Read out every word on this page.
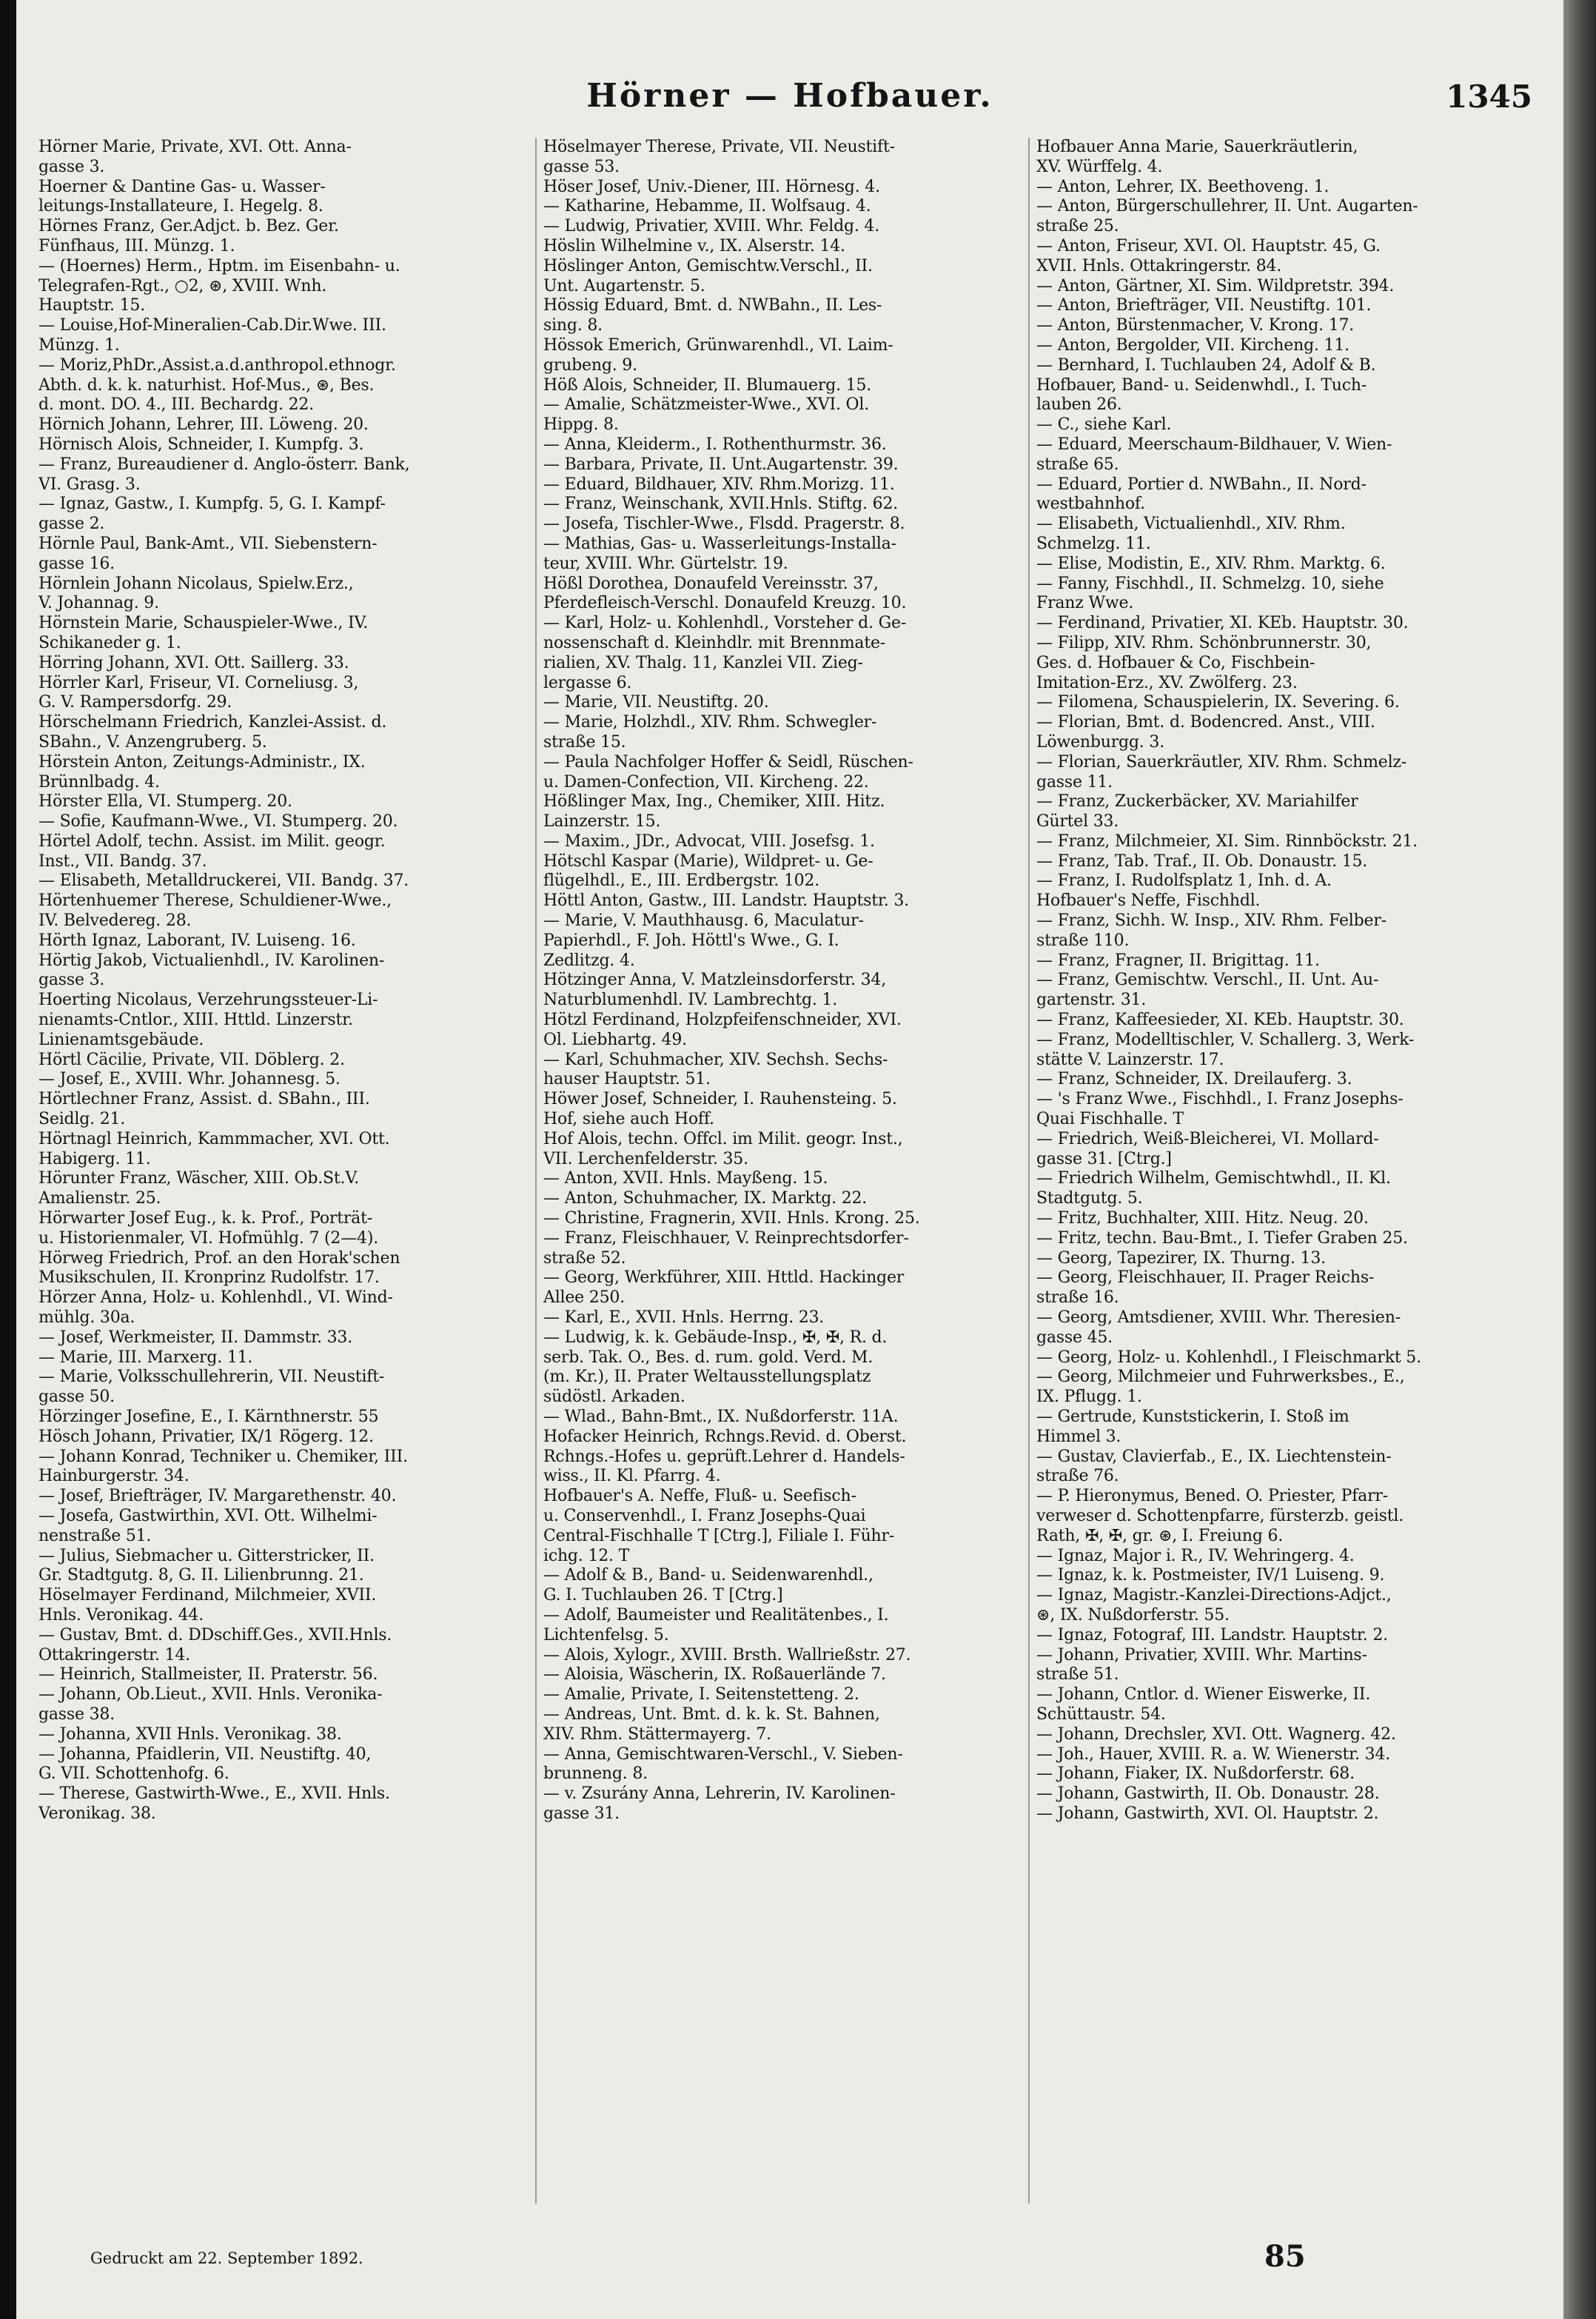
Hörner — Hofbauer.	1345
Hörner Marie, Private, XVI. Ott. Anna-
gasse 3.
Hoerner & Dantine Gas- u. Wasser-
leitungs-Installateure, I. Hegelg. 8.
Hörnes Franz, Ger.Adjct. b. Bez. Ger.
Fünfhaus, III. Münzg. 1.
— (Hoernes) Herm., Hptm. im Eisenbahn- u.
Telegrafen-Rgt., ○2, ⊛, XVIII. Wnh.
Hauptstr. 15.
— Louise,Hof-Mineralien-Cab.Dir.Wwe. III.
Münzg. 1.
— Moriz,PhDr.,Assist.a.d.anthropol.ethnogr.
Abth. d. k. k. naturhist. Hof-Mus., ⊛, Bes.
d. mont. DO. 4., III. Bechardg. 22.
Hörnich Johann, Lehrer, III. Löweng. 20.
Hörnisch Alois, Schneider, I. Kumpfg. 3.
— Franz, Bureaudiener d. Anglo-österr. Bank,
VI. Grasg. 3.
— Ignaz, Gastw., I. Kumpfg. 5, G. I. Kampf-
gasse 2.
Hörnle Paul, Bank-Amt., VII. Siebenstern-
gasse 16.
Hörnlein Johann Nicolaus, Spielw.Erz.,
V. Johannag. 9.
Hörnstein Marie, Schauspieler-Wwe., IV.
Schikaneder g. 1.
Hörring Johann, XVI. Ott. Saillerg. 33.
Hörrler Karl, Friseur, VI. Corneliusg. 3,
G. V. Rampersdorfg. 29.
Hörschelmann Friedrich, Kanzlei-Assist. d.
SBahn., V. Anzengruberg. 5.
Hörstein Anton, Zeitungs-Administr., IX.
Brünnlbadg. 4.
Hörster Ella, VI. Stumperg. 20.
— Sofie, Kaufmann-Wwe., VI. Stumperg. 20.
Hörtel Adolf, techn. Assist. im Milit. geogr.
Inst., VII. Bandg. 37.
— Elisabeth, Metalldruckerei, VII. Bandg. 37.
Hörtenhuemer Therese, Schuldiener-Wwe.,
IV. Belvedereg. 28.
Hörth Ignaz, Laborant, IV. Luiseng. 16.
Hörtig Jakob, Victualienhdl., IV. Karolinen-
gasse 3.
Hoerting Nicolaus, Verzehrungssteuer-Li-
nienamts-Cntlor., XIII. Httld. Linzerstr.
Linienamtsgebäude.
Hörtl Cäcilie, Private, VII. Döblerg. 2.
— Josef, E., XVIII. Whr. Johannesg. 5.
Hörtlechner Franz, Assist. d. SBahn., III.
Seidlg. 21.
Hörtnagl Heinrich, Kammmacher, XVI. Ott.
Habigerg. 11.
Hörunter Franz, Wäscher, XIII. Ob.St.V.
Amalienstr. 25.
Hörwarter Josef Eug., k. k. Prof., Porträt-
u. Historienmaler, VI. Hofmühlg. 7 (2—4).
Hörweg Friedrich, Prof. an den Horak'schen
Musikschulen, II. Kronprinz Rudolfstr. 17.
Hörzer Anna, Holz- u. Kohlenhdl., VI. Wind-
mühlg. 30a.
— Josef, Werkmeister, II. Dammstr. 33.
— Marie, III. Marxerg. 11.
— Marie, Volksschullehrerin, VII. Neustift-
gasse 50.
Hörzinger Josefine, E., I. Kärnthnerstr. 55
Hösch Johann, Privatier, IX/1 Rögerg. 12.
— Johann Konrad, Techniker u. Chemiker, III.
Hainburgerstr. 34.
— Josef, Briefträger, IV. Margarethenstr. 40.
— Josefa, Gastwirthin, XVI. Ott. Wilhelmi-
nenstraße 51.
— Julius, Siebmacher u. Gitterstricker, II.
Gr. Stadtgutg. 8, G. II. Lilienbrunng. 21.
Höselmayer Ferdinand, Milchmeier, XVII.
Hnls. Veronikag. 44.
— Gustav, Bmt. d. DDschiff.Ges., XVII.Hnls.
Ottakringerstr. 14.
— Heinrich, Stallmeister, II. Praterstr. 56.
— Johann, Ob.Lieut., XVII. Hnls. Veronika-
gasse 38.
— Johanna, XVII Hnls. Veronikag. 38.
— Johanna, Pfaidlerin, VII. Neustiftg. 40,
G. VII. Schottenhofg. 6.
— Therese, Gastwirth-Wwe., E., XVII. Hnls.
Veronikag. 38.
Höselmayer Therese, Private, VII. Neustift-
gasse 53.
Höser Josef, Univ.-Diener, III. Hörnesg. 4.
— Katharine, Hebamme, II. Wolfsaug. 4.
— Ludwig, Privatier, XVIII. Whr. Feldg. 4.
Höslin Wilhelmine v., IX. Alserstr. 14.
Höslinger Anton, Gemischtw.Verschl., II.
Unt. Augartenstr. 5.
Hössig Eduard, Bmt. d. NWBahn., II. Les-
sing. 8.
Hössok Emerich, Grünwarenhdl., VI. Laim-
grubeng. 9.
Höß Alois, Schneider, II. Blumauerg. 15.
— Amalie, Schätzmeister-Wwe., XVI. Ol.
Hippg. 8.
— Anna, Kleiderm., I. Rothenthurmstr. 36.
— Barbara, Private, II. Unt.Augartenstr. 39.
— Eduard, Bildhauer, XIV. Rhm.Morizg. 11.
— Franz, Weinschank, XVII.Hnls. Stiftg. 62.
— Josefa, Tischler-Wwe., Flsdd. Pragerstr. 8.
— Mathias, Gas- u. Wasserleitungs-Installa-
teur, XVIII. Whr. Gürtelstr. 19.
Hößl Dorothea, Donaufeld Vereinsstr. 37,
Pferdefleisch-Verschl. Donaufeld Kreuzg. 10.
— Karl, Holz- u. Kohlenhdl., Vorsteher d. Ge-
nossenschaft d. Kleinhdlr. mit Brennmate-
rialien, XV. Thalg. 11, Kanzlei VII. Zieg-
lergasse 6.
— Marie, VII. Neustiftg. 20.
— Marie, Holzhdl., XIV. Rhm. Schwegler-
straße 15.
— Paula Nachfolger Hoffer & Seidl, Rüschen-
u. Damen-Confection, VII. Kircheng. 22.
Hößlinger Max, Ing., Chemiker, XIII. Hitz.
Lainzerstr. 15.
— Maxim., JDr., Advocat, VIII. Josefsg. 1.
Hötschl Kaspar (Marie), Wildpret- u. Ge-
flügelhdl., E., III. Erdbergstr. 102.
Höttl Anton, Gastw., III. Landstr. Hauptstr. 3.
— Marie, V. Mauthhausg. 6, Maculatur-
Papierhdl., F. Joh. Höttl's Wwe., G. I.
Zedlitzg. 4.
Hötzinger Anna, V. Matzleinsdorferstr. 34,
Naturblumenhdl. IV. Lambrechtg. 1.
Hötzl Ferdinand, Holzpfeifenschneider, XVI.
Ol. Liebhartg. 49.
— Karl, Schuhmacher, XIV. Sechsh. Sechs-
hauser Hauptstr. 51.
Höwer Josef, Schneider, I. Rauhensteing. 5.
Hof, siehe auch Hoff.
Hof Alois, techn. Offcl. im Milit. geogr. Inst.,
VII. Lerchenfelderstr. 35.
— Anton, XVII. Hnls. Mayßeng. 15.
— Anton, Schuhmacher, IX. Marktg. 22.
— Christine, Fragnerin, XVII. Hnls. Krong. 25.
— Franz, Fleischhauer, V. Reinprechtsdorfer-
straße 52.
— Georg, Werkführer, XIII. Httld. Hackinger
Allee 250.
— Karl, E., XVII. Hnls. Herrng. 23.
— Ludwig, k. k. Gebäude-Insp., ✠, ✠, R. d.
serb. Tak. O., Bes. d. rum. gold. Verd. M.
(m. Kr.), II. Prater Weltausstellungsplatz
südöstl. Arkaden.
— Wlad., Bahn-Bmt., IX. Nußdorferstr. 11A.
Hofacker Heinrich, Rchngs.Revid. d. Oberst.
Rchngs.-Hofes u. geprüft.Lehrer d. Handels-
wiss., II. Kl. Pfarrg. 4.
Hofbauer's A. Neffe, Fluß- u. Seefisch-
u. Conservenhdl., I. Franz Josephs-Quai
Central-Fischhalle T [Ctrg.], Filiale I. Führ-
ichg. 12. T
— Adolf & B., Band- u. Seidenwarenhdl.,
G. I. Tuchlauben 26. T [Ctrg.]
— Adolf, Baumeister und Realitätenbes., I.
Lichtenfelsg. 5.
— Alois, Xylogr., XVIII. Brsth. Wallrießstr. 27.
— Aloisia, Wäscherin, IX. Roßauerlände 7.
— Amalie, Private, I. Seitenstetteng. 2.
— Andreas, Unt. Bmt. d. k. k. St. Bahnen,
XIV. Rhm. Stättermayerg. 7.
— Anna, Gemischtwaren-Verschl., V. Sieben-
brunneng. 8.
— v. Zsurány Anna, Lehrerin, IV. Karolinen-
gasse 31.
Hofbauer Anna Marie, Sauerkräutlerin,
XV. Würffelg. 4.
— Anton, Lehrer, IX. Beethoveng. 1.
— Anton, Bürgerschullehrer, II. Unt. Augarten-
straße 25.
— Anton, Friseur, XVI. Ol. Hauptstr. 45, G.
XVII. Hnls. Ottakringerstr. 84.
— Anton, Gärtner, XI. Sim. Wildpretstr. 394.
— Anton, Briefträger, VII. Neustiftg. 101.
— Anton, Bürstenmacher, V. Krong. 17.
— Anton, Bergolder, VII. Kircheng. 11.
— Bernhard, I. Tuchlauben 24, Adolf & B.
Hofbauer, Band- u. Seidenwhdl., I. Tuch-
lauben 26.
— C., siehe Karl.
— Eduard, Meerschaum-Bildhauer, V. Wien-
straße 65.
— Eduard, Portier d. NWBahn., II. Nord-
westbahnhof.
— Elisabeth, Victualienhdl., XIV. Rhm.
Schmelzg. 11.
— Elise, Modistin, E., XIV. Rhm. Marktg. 6.
— Fanny, Fischhdl., II. Schmelzg. 10, siehe
Franz Wwe.
— Ferdinand, Privatier, XI. KEb. Hauptstr. 30.
— Filipp, XIV. Rhm. Schönbrunnerstr. 30,
Ges. d. Hofbauer & Co, Fischbein-
Imitation-Erz., XV. Zwölferg. 23.
— Filomena, Schauspielerin, IX. Severing. 6.
— Florian, Bmt. d. Bodencred. Anst., VIII.
Löwenburgg. 3.
— Florian, Sauerkräutler, XIV. Rhm. Schmelz-
gasse 11.
— Franz, Zuckerbäcker, XV. Mariahilfer
Gürtel 33.
— Franz, Milchmeier, XI. Sim. Rinnböckstr. 21.
— Franz, Tab. Traf., II. Ob. Donaustr. 15.
— Franz, I. Rudolfsplatz 1, Inh. d. A.
Hofbauer's Neffe, Fischhdl.
— Franz, Sichh. W. Insp., XIV. Rhm. Felber-
straße 110.
— Franz, Fragner, II. Brigittag. 11.
— Franz, Gemischtw. Verschl., II. Unt. Au-
gartenstr. 31.
— Franz, Kaffeesieder, XI. KEb. Hauptstr. 30.
— Franz, Modelltischler, V. Schallerg. 3, Werk-
stätte V. Lainzerstr. 17.
— Franz, Schneider, IX. Dreilauferg. 3.
— 's Franz Wwe., Fischhdl., I. Franz Josephs-
Quai Fischhalle. T
— Friedrich, Weiß-Bleicherei, VI. Mollard-
gasse 31. [Ctrg.]
— Friedrich Wilhelm, Gemischtwhdl., II. Kl.
Stadtgutg. 5.
— Fritz, Buchhalter, XIII. Hitz. Neug. 20.
— Fritz, techn. Bau-Bmt., I. Tiefer Graben 25.
— Georg, Tapezirer, IX. Thurng. 13.
— Georg, Fleischhauer, II. Prager Reichs-
straße 16.
— Georg, Amtsdiener, XVIII. Whr. Theresien-
gasse 45.
— Georg, Holz- u. Kohlenhdl., I Fleischmarkt 5.
— Georg, Milchmeier und Fuhrwerksbes., E.,
IX. Pflugg. 1.
— Gertrude, Kunststickerin, I. Stoß im
Himmel 3.
— Gustav, Clavierfab., E., IX. Liechtenstein-
straße 76.
— P. Hieronymus, Bened. O. Priester, Pfarr-
verweser d. Schottenpfarre, fürsterzb. geistl.
Rath, ✠, ✠, gr. ⊛, I. Freiung 6.
— Ignaz, Major i. R., IV. Wehringerg. 4.
— Ignaz, k. k. Postmeister, IV/1 Luiseng. 9.
— Ignaz, Magistr.-Kanzlei-Directions-Adjct.,
⊛, IX. Nußdorferstr. 55.
— Ignaz, Fotograf, III. Landstr. Hauptstr. 2.
— Johann, Privatier, XVIII. Whr. Martins-
straße 51.
— Johann, Cntlor. d. Wiener Eiswerke, II.
Schüttaustr. 54.
— Johann, Drechsler, XVI. Ott. Wagnerg. 42.
— Joh., Hauer, XVIII. R. a. W. Wienerstr. 34.
— Johann, Fiaker, IX. Nußdorferstr. 68.
— Johann, Gastwirth, II. Ob. Donaustr. 28.
— Johann, Gastwirth, XVI. Ol. Hauptstr. 2.
Gedruckt am 22. September 1892.	85
